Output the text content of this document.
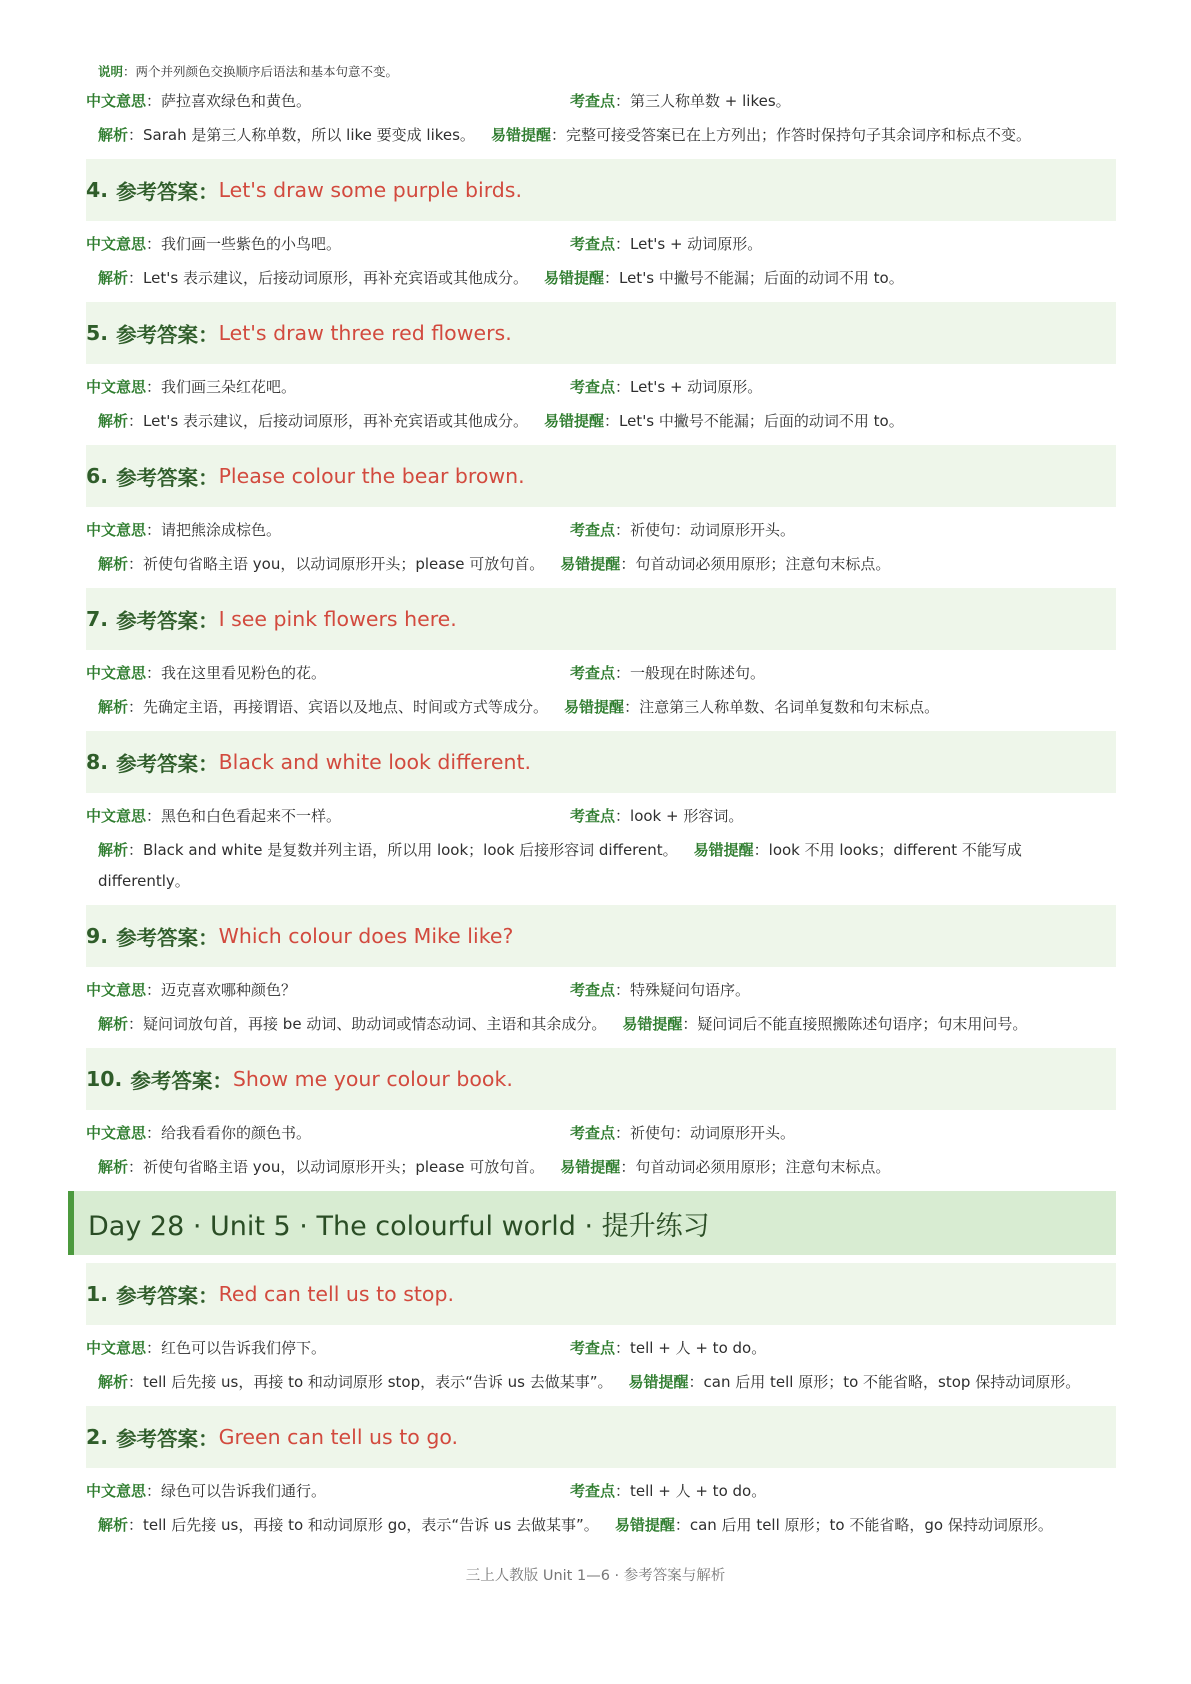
说明：两个并列颜色交换顺序后语法和基本句意不变。
中文意思：萨拉喜欢绿色和黄色。	考查点：第三人称单数 + likes。
解析：Sarah 是第三人称单数，所以 like 要变成 likes。 易错提醒：完整可接受答案已在上方列出；作答时保持句子其余词序和标点不变。
4. 参考答案 ： Let's draw some purple birds.
中文意思：我们画一些紫色的小鸟吧。	考查点：Let's + 动词原形。
解析：Let's 表示建议，后接动词原形，再补充宾语或其他成分。 易错提醒：Let's 中撇号不能漏；后面的动词不用 to。
5. 参考答案 ： Let's draw three red flowers.
中文意思：我们画三朵红花吧。	考查点：Let's + 动词原形。
解析：Let's 表示建议，后接动词原形，再补充宾语或其他成分。 易错提醒：Let's 中撇号不能漏；后面的动词不用 to。
6. 参考答案 ： Please colour the bear brown.
中文意思：请把熊涂成棕色。	考查点：祈使句：动词原形开头。
解析：祈使句省略主语 you，以动词原形开头；please 可放句首。 易错提醒：句首动词必须用原形；注意句末标点。
7. 参考答案 ： I see pink flowers here.
中文意思：我在这里看见粉色的花。	考查点：一般现在时陈述句。
解析：先确定主语，再接谓语、宾语以及地点、时间或方式等成分。 易错提醒：注意第三人称单数、名词单复数和句末标点。
8. 参考答案 ： Black and white look different.
中文意思：黑色和白色看起来不一样。	考查点：look + 形容词。
解析：Black and white 是复数并列主语，所以用 look；look 后接形容词 different。 易错提醒：look 不用 looks；different 不能写成 differently。
9. 参考答案 ： Which colour does Mike like?
中文意思：迈克喜欢哪种颜色？	考查点：特殊疑问句语序。
解析：疑问词放句首，再接 be 动词、助动词或情态动词、主语和其余成分。 易错提醒：疑问词后不能直接照搬陈述句语序；句末用问号。
10. 参考答案 ： Show me your colour book.
中文意思：给我看看你的颜色书。	考查点：祈使句：动词原形开头。
解析：祈使句省略主语 you，以动词原形开头；please 可放句首。 易错提醒：句首动词必须用原形；注意句末标点。
Day 28 · Unit 5 · The colourful world · 提升练习
1. 参考答案 ： Red can tell us to stop.
中文意思：红色可以告诉我们停下。	考查点：tell + 人 + to do。
解析：tell 后先接 us，再接 to 和动词原形 stop，表示“告诉 us 去做某事”。 易错提醒：can 后用 tell 原形；to 不能省略，stop 保持动词原形。
2. 参考答案 ： Green can tell us to go.
中文意思：绿色可以告诉我们通行。	考查点：tell + 人 + to do。
解析：tell 后先接 us，再接 to 和动词原形 go，表示“告诉 us 去做某事”。 易错提醒：can 后用 tell 原形；to 不能省略，go 保持动词原形。
三上人教版 Unit 1—6 · 参考答案与解析
